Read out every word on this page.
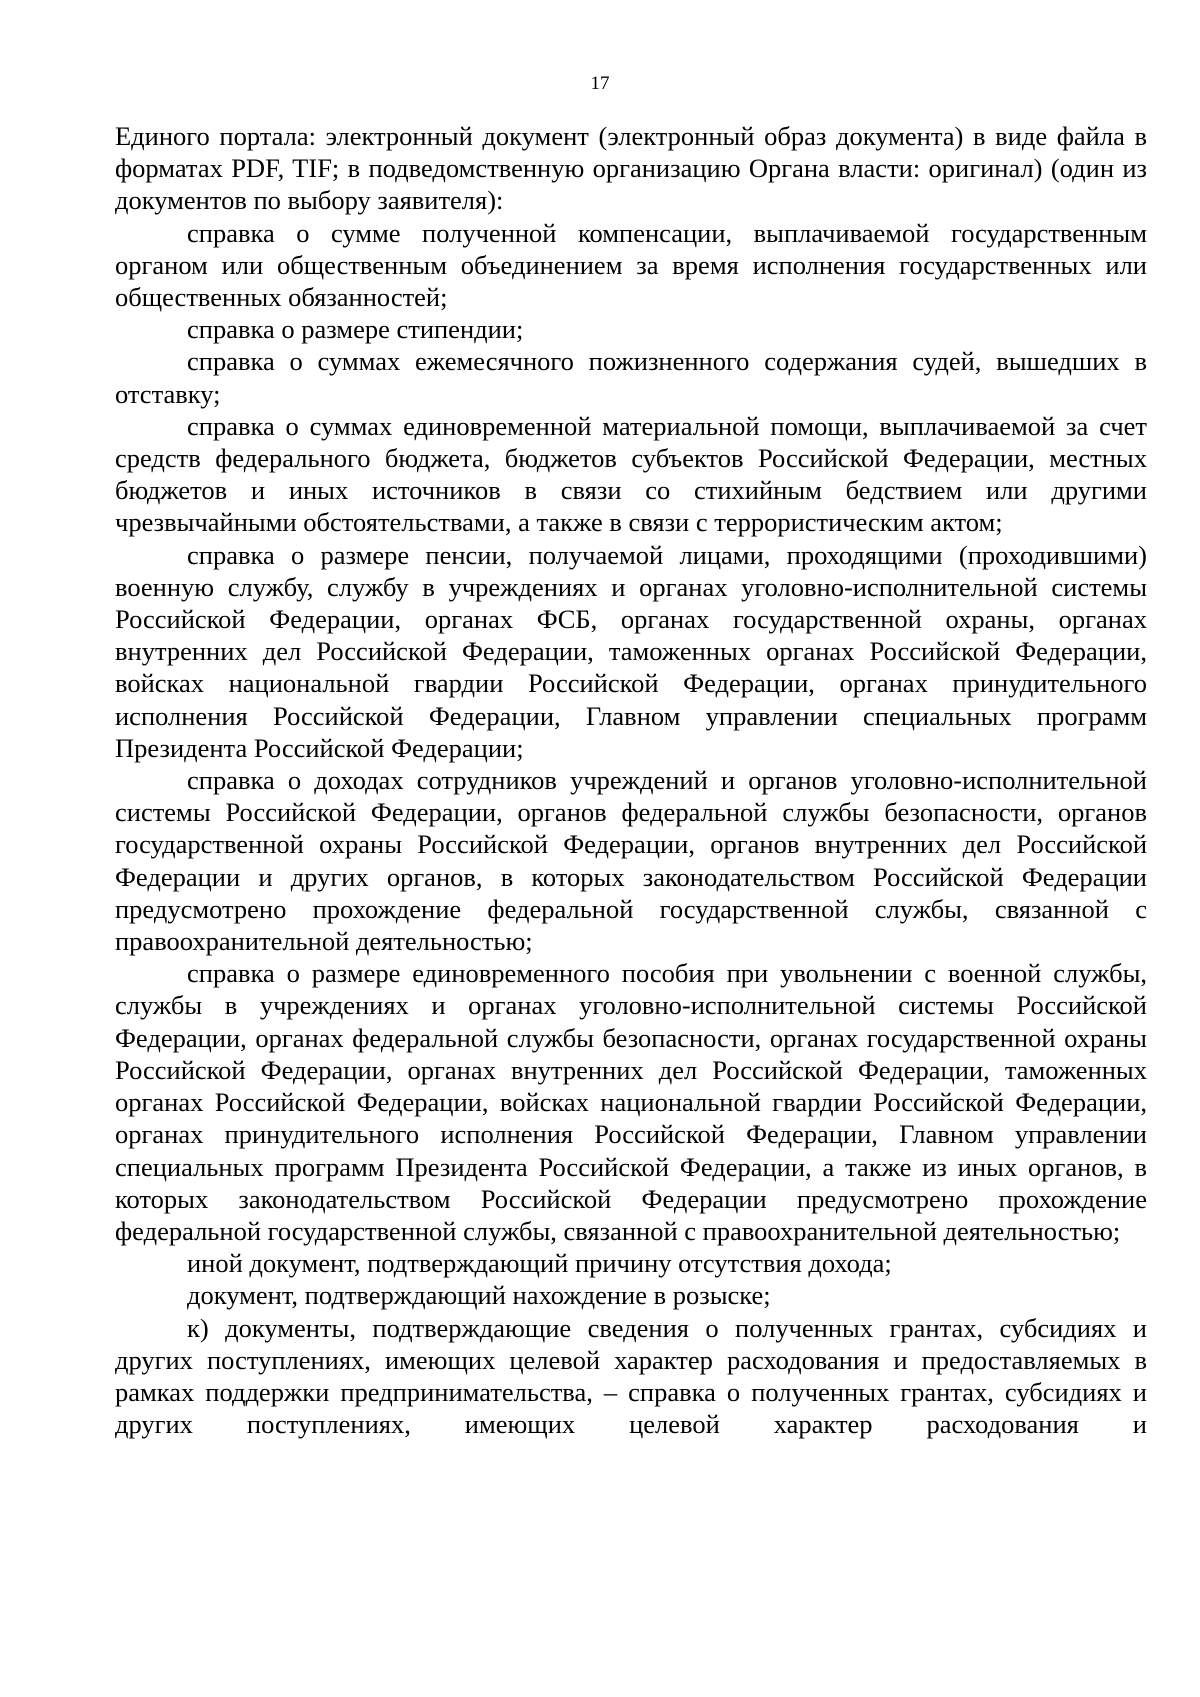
17

Единого портала: электронный документ (электронный образ документа) в виде файла в форматах PDF, TIF; в подведомственную организацию Органа власти: оригинал) (один из документов по выбору заявителя):

справка о сумме полученной компенсации, выплачиваемой государственным органом или общественным объединением за время исполнения государственных или общественных обязанностей;

справка о размере стипендии;

справка о суммах ежемесячного пожизненного содержания судей, вышедших в отставку;

справка о суммах единовременной материальной помощи, выплачиваемой за счет средств федерального бюджета, бюджетов субъектов Российской Федерации, местных бюджетов и иных источников в связи со стихийным бедствием или другими чрезвычайными обстоятельствами, а также в связи с террористическим актом;

справка о размере пенсии, получаемой лицами, проходящими (проходившими) военную службу, службу в учреждениях и органах уголовно-исполнительной системы Российской Федерации, органах ФСБ, органах государственной охраны, органах внутренних дел Российской Федерации, таможенных органах Российской Федерации, войсках национальной гвардии Российской Федерации, органах принудительного исполнения Российской Федерации, Главном управлении специальных программ Президента Российской Федерации;

справка о доходах сотрудников учреждений и органов уголовно-исполнительной системы Российской Федерации, органов федеральной службы безопасности, органов государственной охраны Российской Федерации, органов внутренних дел Российской Федерации и других органов, в которых законодательством Российской Федерации предусмотрено прохождение федеральной государственной службы, связанной с правоохранительной деятельностью;

справка о размере единовременного пособия при увольнении с военной службы, службы в учреждениях и органах уголовно-исполнительной системы Российской Федерации, органах федеральной службы безопасности, органах государственной охраны Российской Федерации, органах внутренних дел Российской Федерации, таможенных органах Российской Федерации, войсках национальной гвардии Российской Федерации, органах принудительного исполнения Российской Федерации, Главном управлении специальных программ Президента Российской Федерации, а также из иных органов, в которых законодательством Российской Федерации предусмотрено прохождение федеральной государственной службы, связанной с правоохранительной деятельностью;

иной документ, подтверждающий причину отсутствия дохода;

документ, подтверждающий нахождение в розыске;

к) документы, подтверждающие сведения о полученных грантах, субсидиях и других поступлениях, имеющих целевой характер расходования и предоставляемых в рамках поддержки предпринимательства, – справка о полученных грантах, субсидиях и других поступлениях, имеющих целевой характер расходования и
